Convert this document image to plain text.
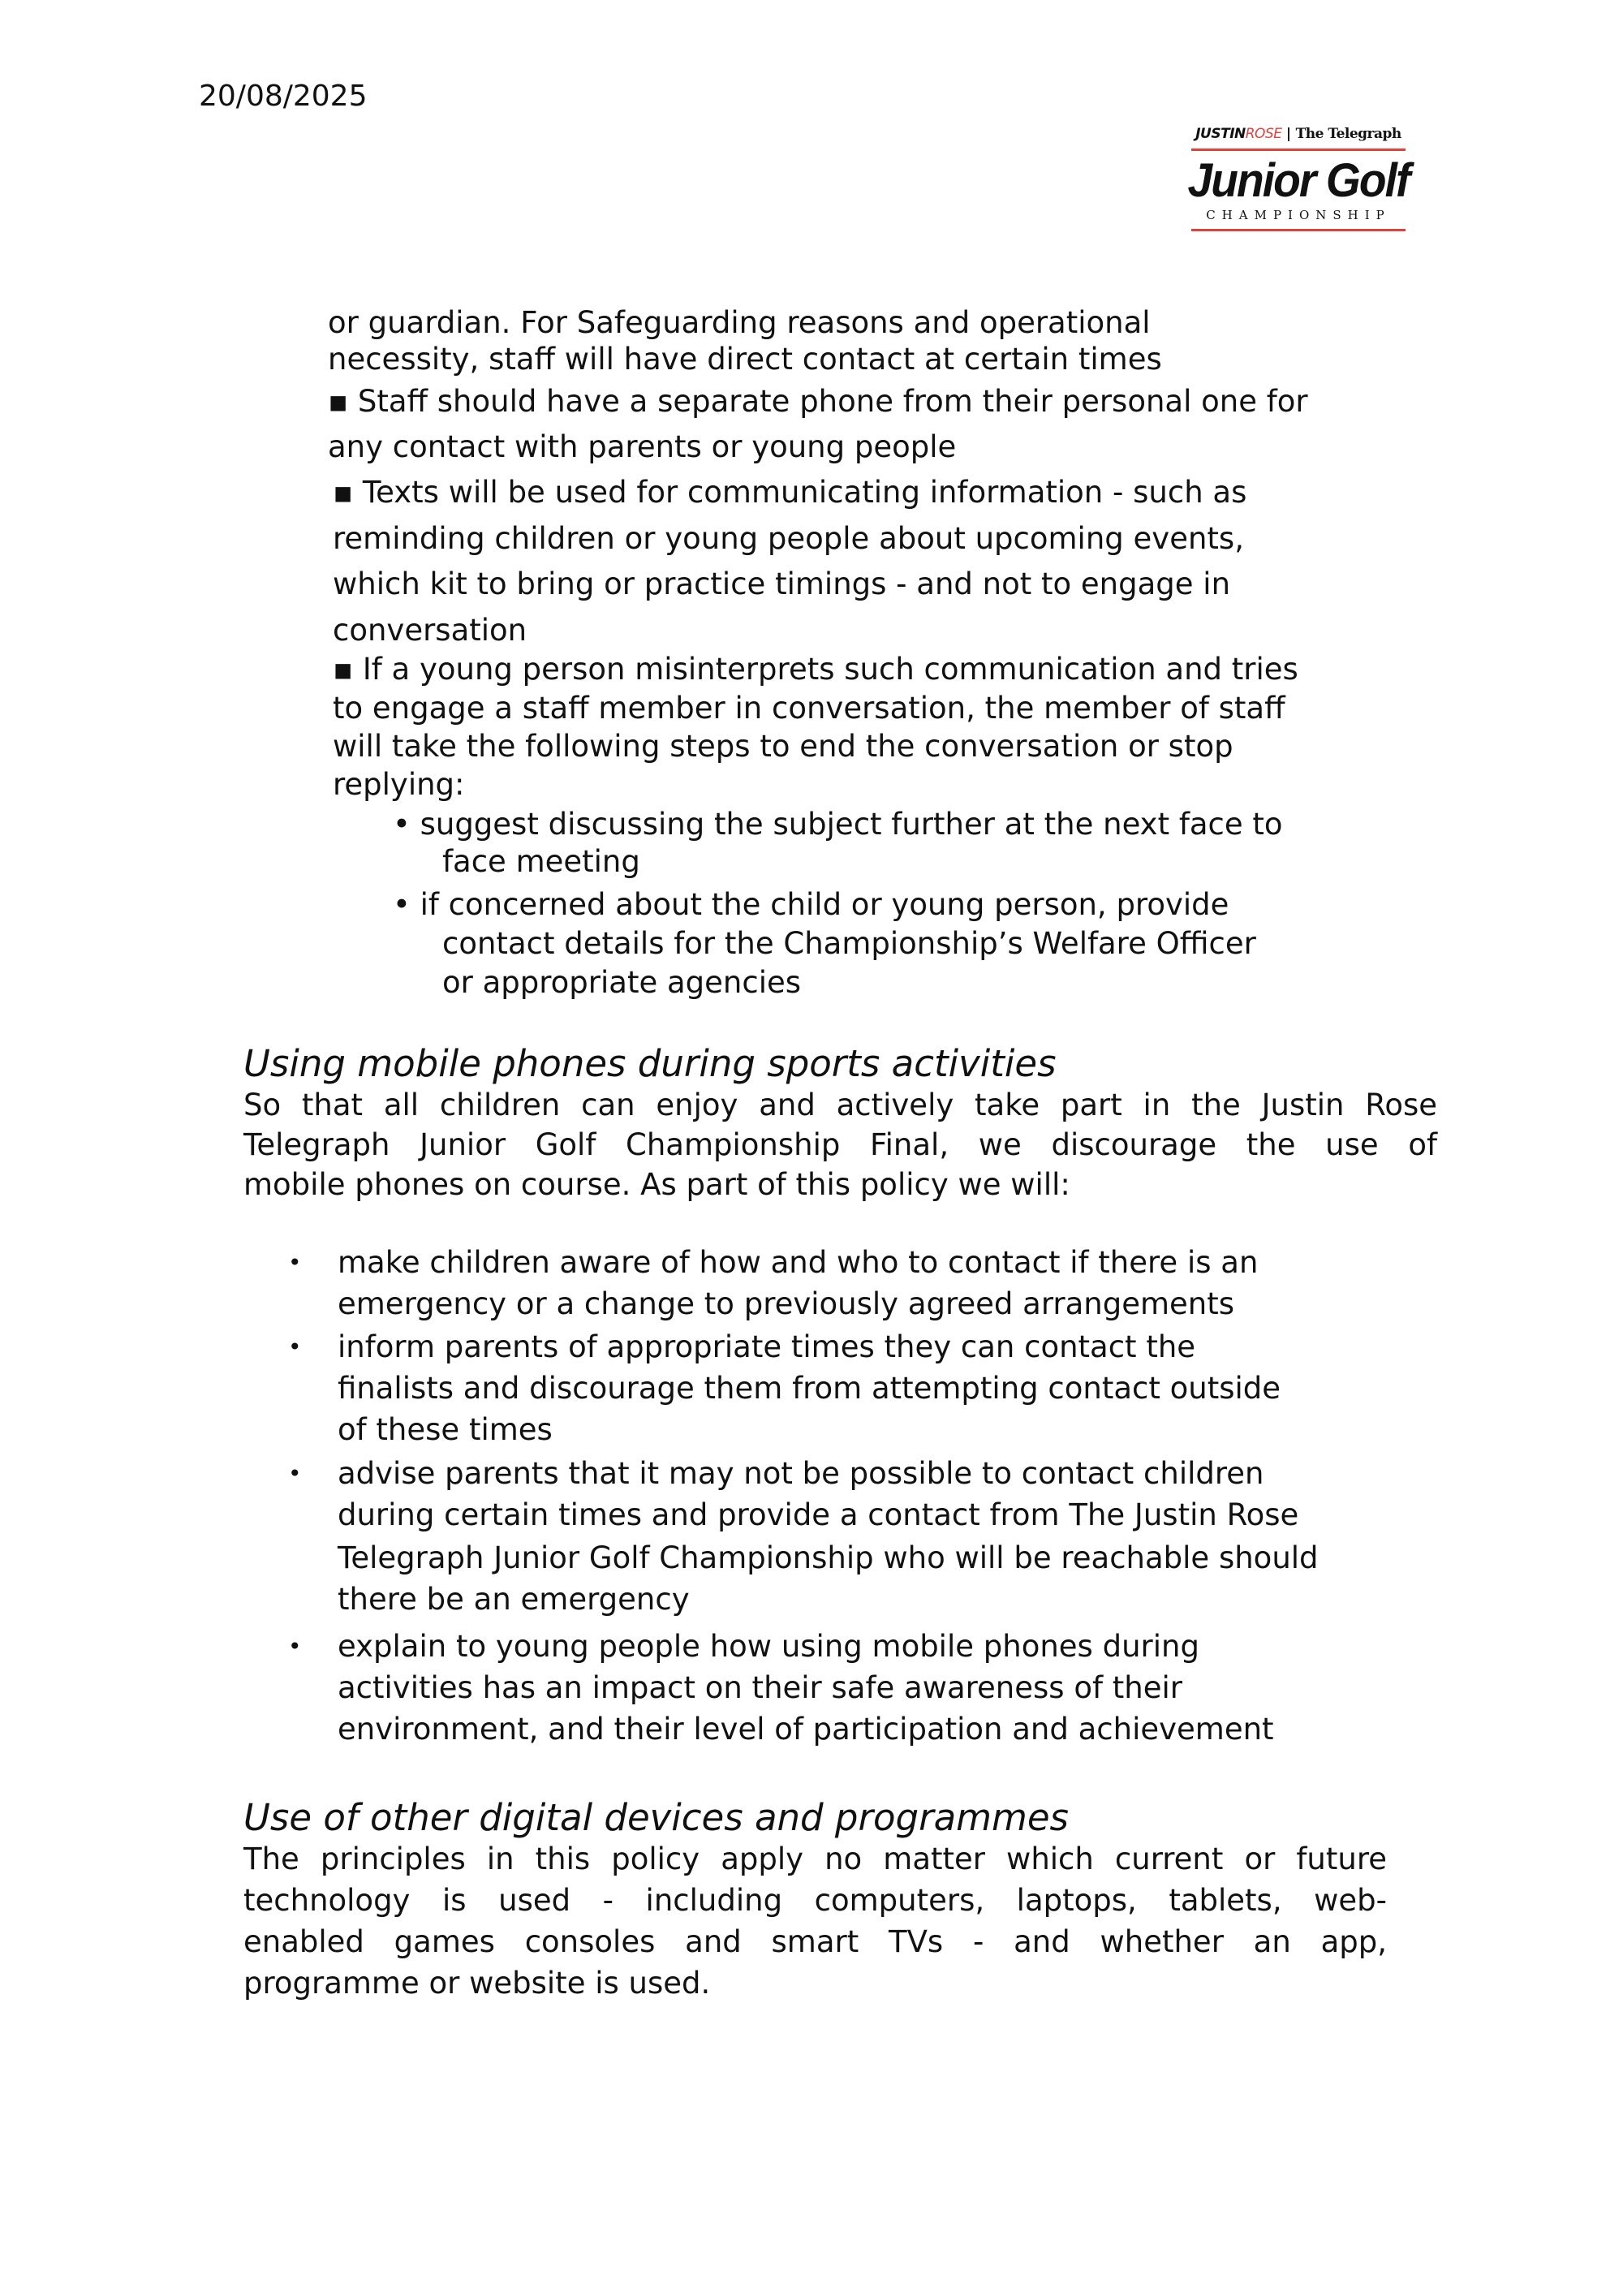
20/08/2025
JUSTINROSE | The Telegraph
Junior Golf
CHAMPIONSHIP
or guardian. For Safeguarding reasons and operational
necessity, staff will have direct contact at certain times
▪ Staff should have a separate phone from their personal one for
any contact with parents or young people
▪ Texts will be used for communicating information - such as
reminding children or young people about upcoming events,
which kit to bring or practice timings - and not to engage in
conversation
▪ If a young person misinterprets such communication and tries
to engage a staff member in conversation, the member of staff
will take the following steps to end the conversation or stop
replying:
• suggest discussing the subject further at the next face to
face meeting
• if concerned about the child or young person, provide
contact details for the Championship’s Welfare Officer
or appropriate agencies
Using mobile phones during sports activities
So that all children can enjoy and actively take part in the Justin Rose
Telegraph Junior Golf Championship Final, we discourage the use of
mobile phones on course. As part of this policy we will:
• make children aware of how and who to contact if there is an
emergency or a change to previously agreed arrangements
• inform parents of appropriate times they can contact the
finalists and discourage them from attempting contact outside
of these times
• advise parents that it may not be possible to contact children
during certain times and provide a contact from The Justin Rose
Telegraph Junior Golf Championship who will be reachable should
there be an emergency
• explain to young people how using mobile phones during
activities has an impact on their safe awareness of their
environment, and their level of participation and achievement
Use of other digital devices and programmes
The principles in this policy apply no matter which current or future
technology is used - including computers, laptops, tablets, web-
enabled games consoles and smart TVs - and whether an app,
programme or website is used.
